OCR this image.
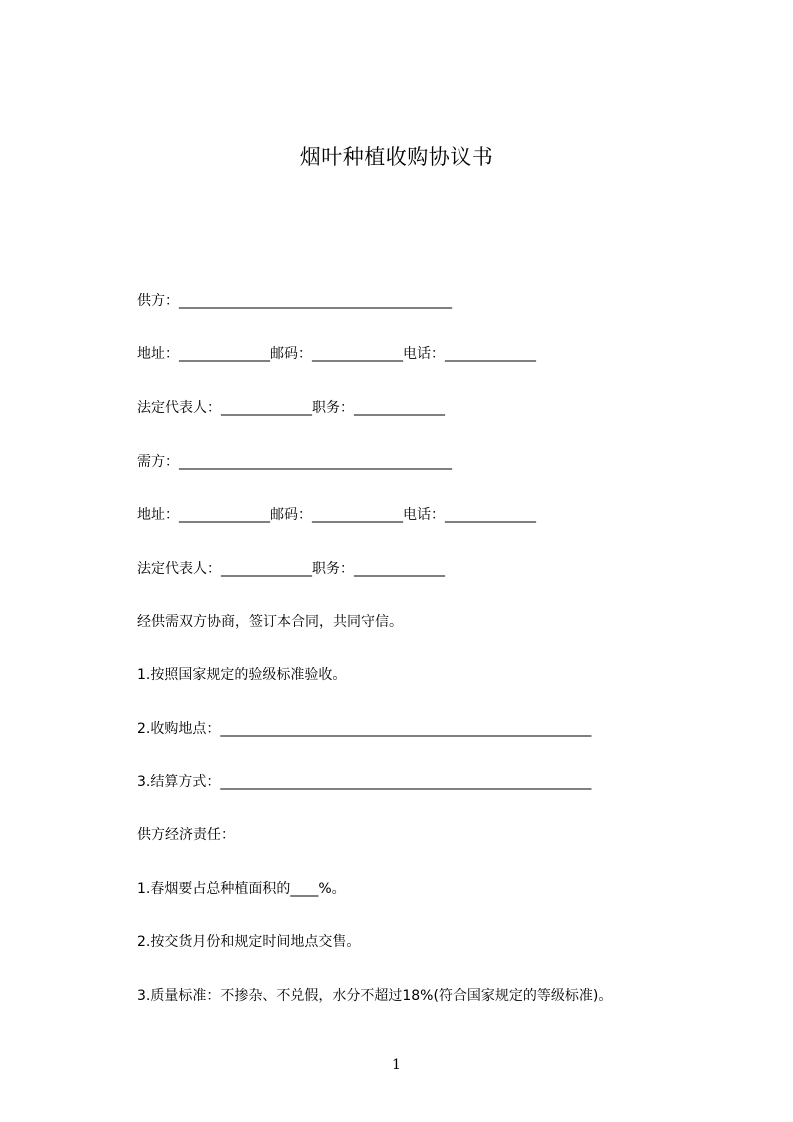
烟叶种植收购协议书
供方：_______________________________________
地址：_____________邮码：_____________电话：_____________
法定代表人：_____________职务：_____________
需方：_______________________________________
地址：_____________邮码：_____________电话：_____________
法定代表人：_____________职务：_____________
经供需双方协商，签订本合同，共同守信。
1.按照国家规定的验级标准验收。
2.收购地点：_____________________________________________________
3.结算方式：_____________________________________________________
供方经济责任：
1.春烟要占总种植面积的____%。
2.按交货月份和规定时间地点交售。
3.质量标准：不掺杂、不兑假，水分不超过18%(符合国家规定的等级标准)。
1
